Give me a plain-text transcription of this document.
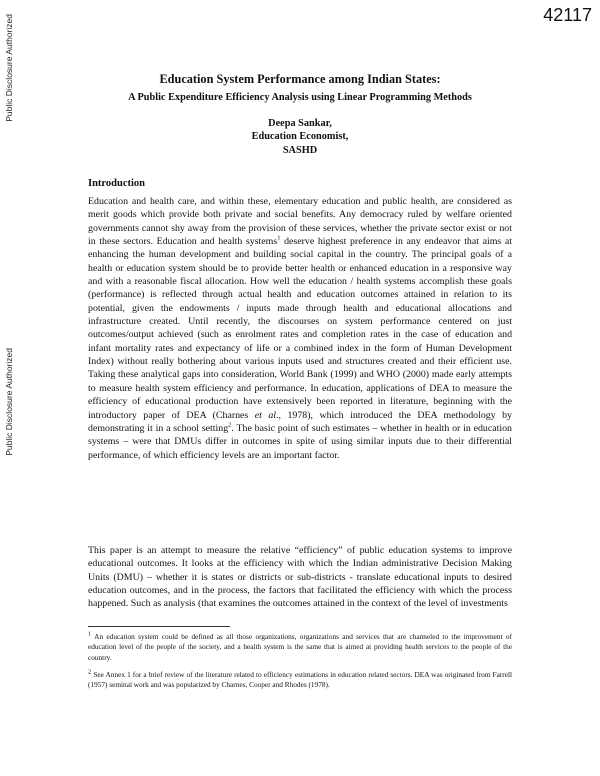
Public Disclosure Authorized
Public Disclosure Authorized
42117
Education System Performance among Indian States:
A Public Expenditure Efficiency Analysis using Linear Programming Methods
Deepa Sankar,
Education Economist,
SASHD
Introduction

Education and health care, and within these, elementary education and public health, are considered as merit goods which provide both private and social benefits. Any democracy ruled by welfare oriented governments cannot shy away from the provision of these services, whether the private sector exist or not in these sectors. Education and health systems$^1$ deserve highest preference in any endeavor that aims at enhancing the human development and building social capital in the country. The principal goals of a health or education system should be to provide better health or enhanced education in a responsive way and with a reasonable fiscal allocation. How well the education / health systems accomplish these goals (performance) is reflected through actual health and education outcomes attained in relation to its potential, given the endowments / inputs made through health and educational allocations and infrastructure created. Until recently, the discourses on system performance centered on just outcomes/output achieved (such as enrolment rates and completion rates in the case of education and infant mortality rates and expectancy of life or a combined index in the form of Human Development Index) without really bothering about various inputs used and structures created and their efficient use. Taking these analytical gaps into consideration, World Bank (1999) and WHO (2000) made early attempts to measure health system efficiency and performance. In education, applications of DEA to measure the efficiency of educational production have extensively been reported in literature, beginning with the introductory paper of DEA (Charnes et al., 1978), which introduced the DEA methodology by demonstrating it in a school setting$^2$. The basic point of such estimates – whether in health or in education systems – were that DMUs differ in outcomes in spite of using similar inputs due to their differential performance, of which efficiency levels are an important factor.

This paper is an attempt to measure the relative “efficiency” of public education systems to improve educational outcomes. It looks at the efficiency with which the Indian administrative Decision Making Units (DMU) – whether it is states or districts or sub-districts - translate educational inputs to desired education outcomes, and in the process, the factors that facilitated the efficiency with which the process happened. Such as analysis (that examines the outcomes attained in the context of the level of investments

$^1$ An education system could be defined as all those organizations, organizations and services that are channeled to the improvement of education level of the people of the society, and a health system is the same that is aimed at providing health services to the people of the country.

$^2$ See Annex 1 for a brief review of the literature related to efficiency estimations in education related sectors. DEA was originated from Farrell (1957) seminal work and was popularized by Charnes, Cooper and Rhodes (1978).
